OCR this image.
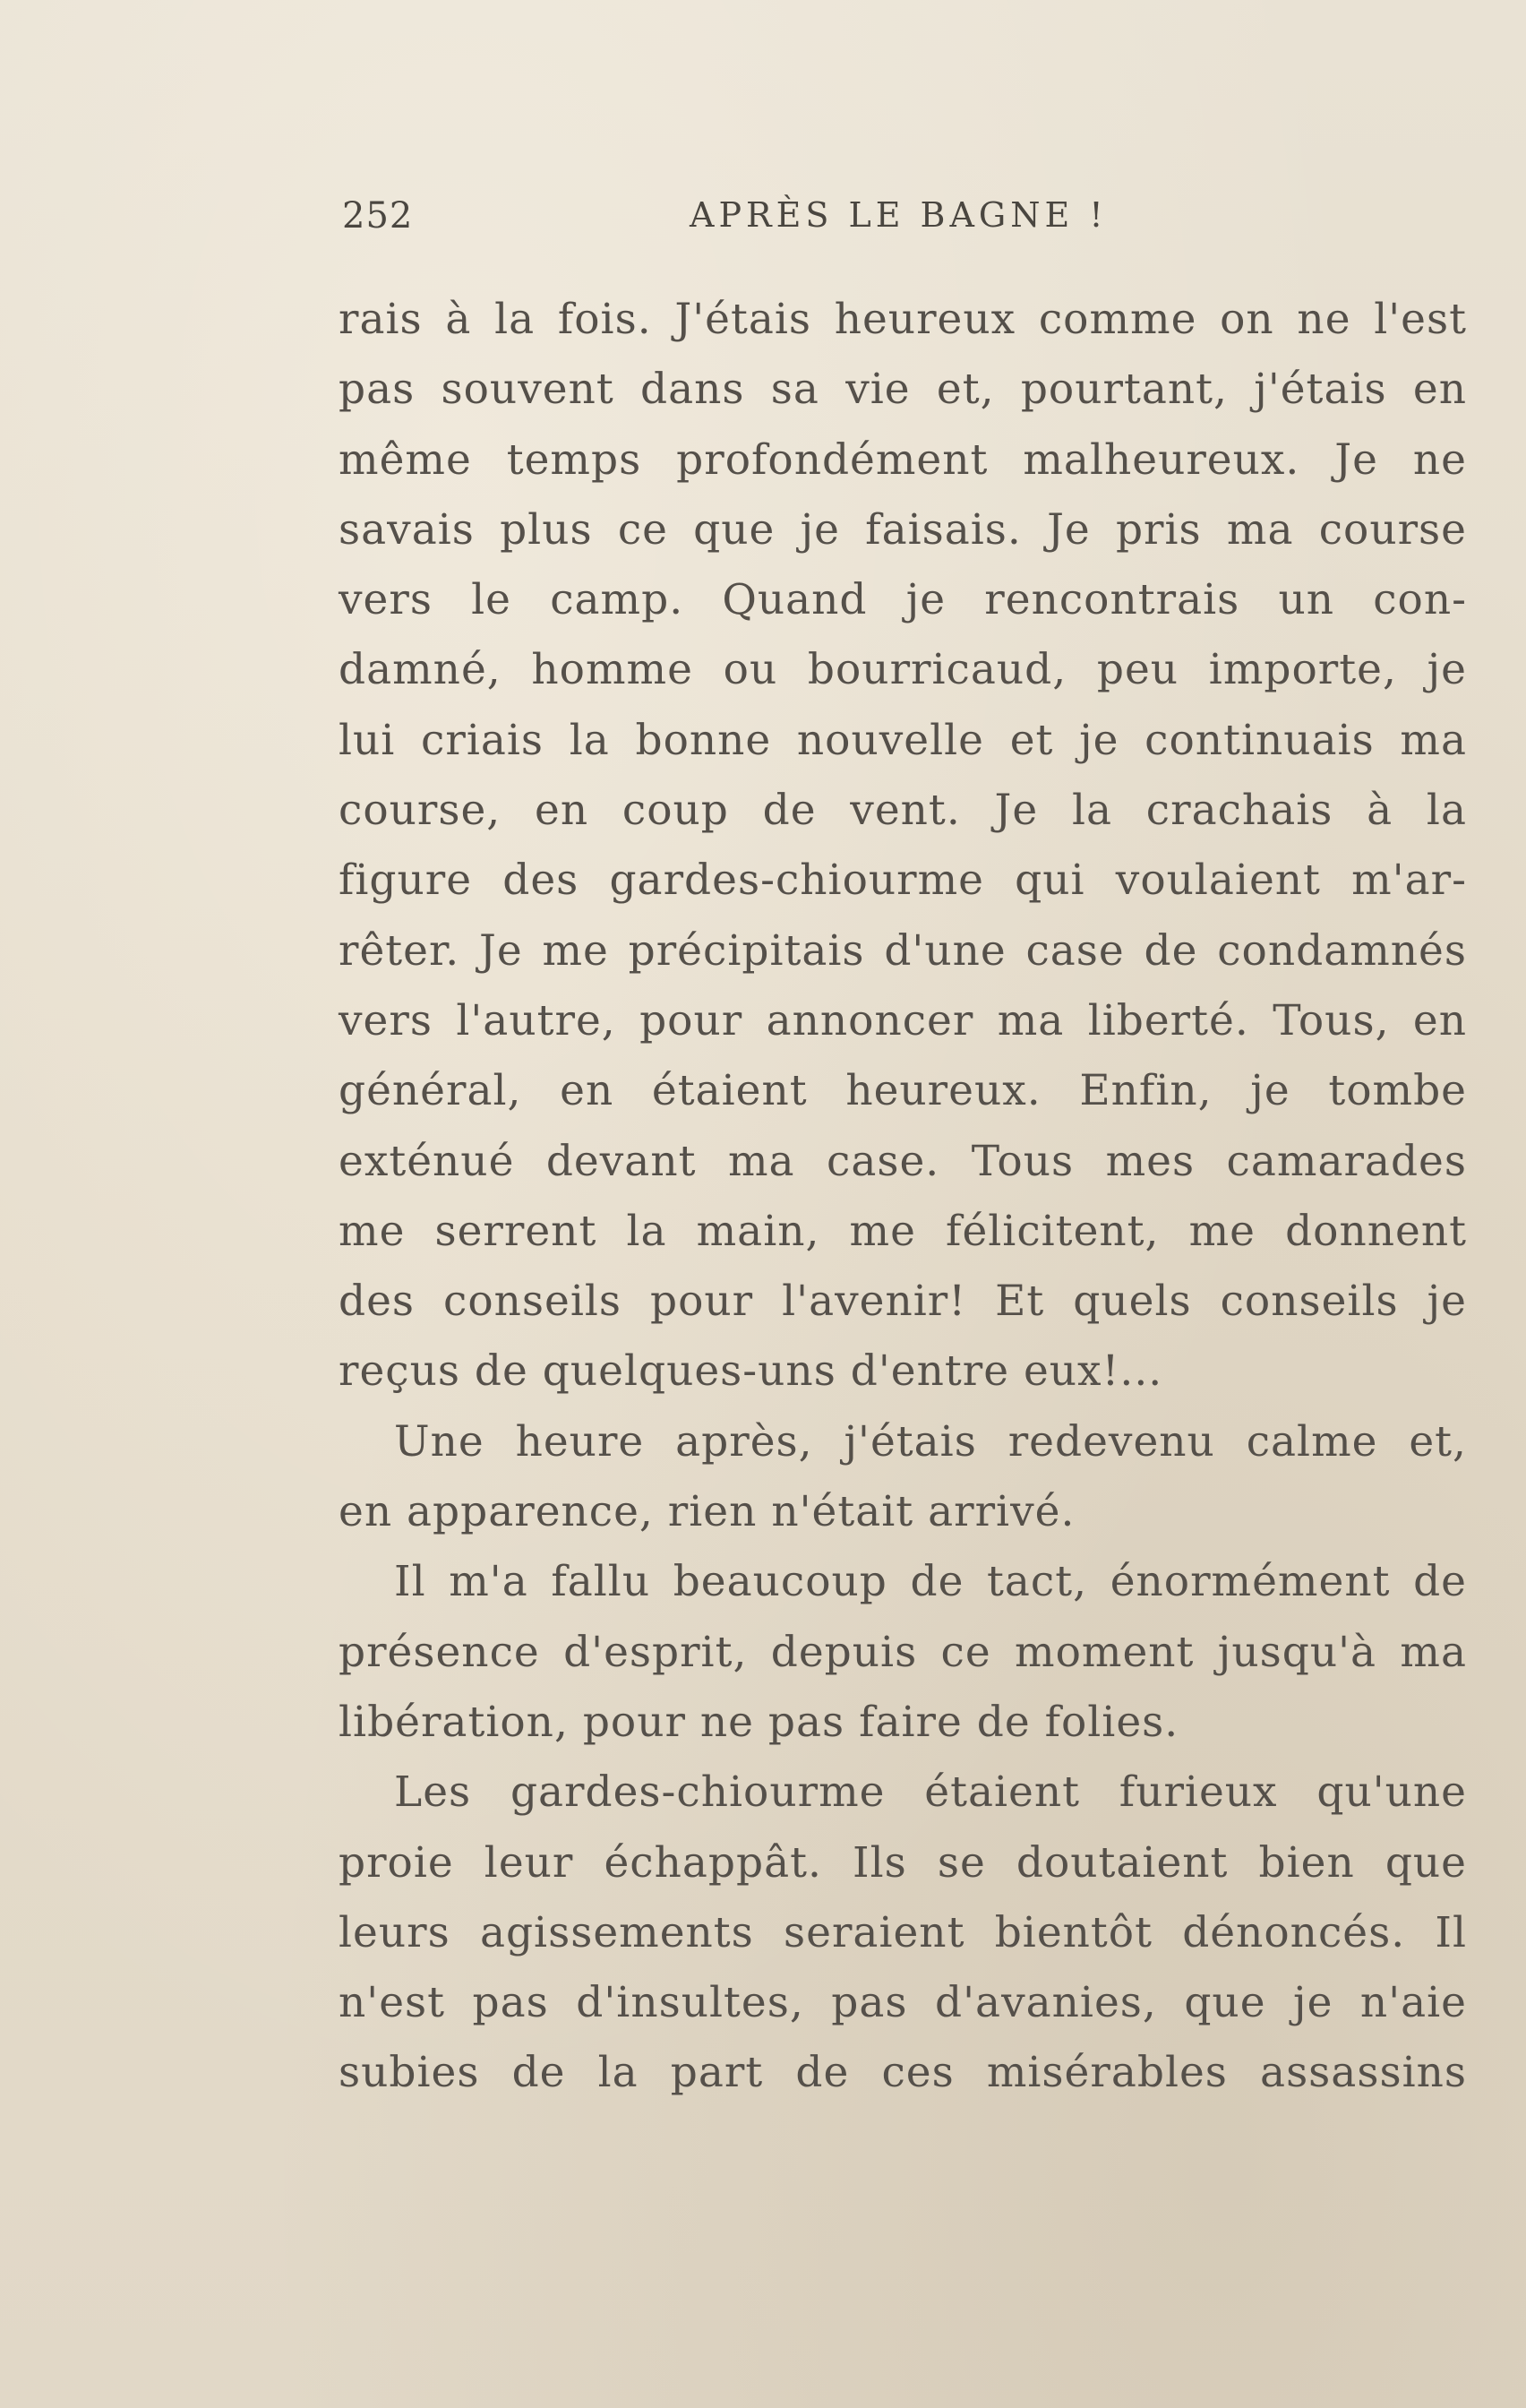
252	APRÈS LE BAGNE !
rais à la fois. J'étais heureux comme on ne l'est
pas souvent dans sa vie et, pourtant, j'étais en
même temps profondément malheureux. Je ne
savais plus ce que je faisais. Je pris ma course
vers le camp. Quand je rencontrais un con-
damné, homme ou bourricaud, peu importe, je
lui criais la bonne nouvelle et je continuais ma
course, en coup de vent. Je la crachais à la
figure des gardes-chiourme qui voulaient m'ar-
rêter. Je me précipitais d'une case de condamnés
vers l'autre, pour annoncer ma liberté. Tous, en
général, en étaient heureux. Enfin, je tombe
exténué devant ma case. Tous mes camarades
me serrent la main, me félicitent, me donnent
des conseils pour l'avenir! Et quels conseils je
reçus de quelques-uns d'entre eux!...
Une heure après, j'étais redevenu calme et,
en apparence, rien n'était arrivé.
Il m'a fallu beaucoup de tact, énormément de
présence d'esprit, depuis ce moment jusqu'à ma
libération, pour ne pas faire de folies.
Les gardes-chiourme étaient furieux qu'une
proie leur échappât. Ils se doutaient bien que
leurs agissements seraient bientôt dénoncés. Il
n'est pas d'insultes, pas d'avanies, que je n'aie
subies de la part de ces misérables assassins
